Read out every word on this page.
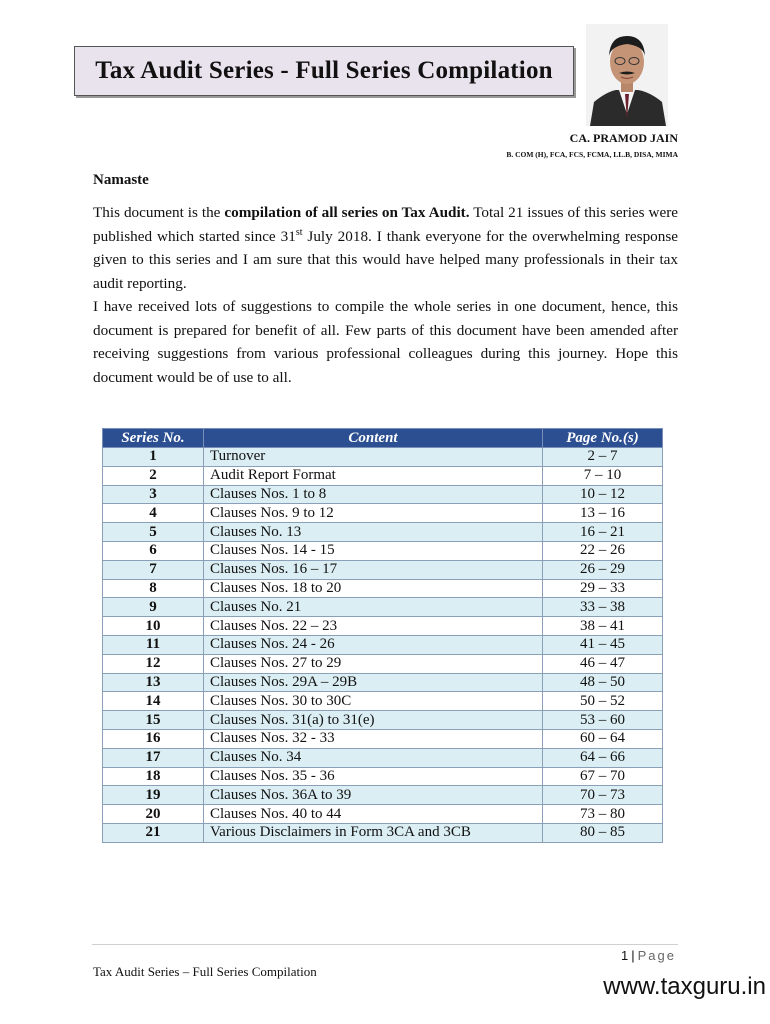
Tax Audit Series - Full Series Compilation
CA. PRAMOD JAIN
B. COM (H), FCA, FCS, FCMA, LL.B, DISA, MIMA
Namaste
This document is the compilation of all series on Tax Audit. Total 21 issues of this series were published which started since 31st July 2018. I thank everyone for the overwhelming response given to this series and I am sure that this would have helped many professionals in their tax audit reporting.
I have received lots of suggestions to compile the whole series in one document, hence, this document is prepared for benefit of all. Few parts of this document have been amended after receiving suggestions from various professional colleagues during this journey. Hope this document would be of use to all.
Series No.	Content	Page No.(s)
1	Turnover	2 – 7
2	Audit Report Format	7 – 10
3	Clauses Nos. 1 to 8	10 – 12
4	Clauses Nos. 9 to 12	13 – 16
5	Clauses No. 13	16 – 21
6	Clauses Nos. 14 - 15	22 – 26
7	Clauses Nos. 16 – 17	26 – 29
8	Clauses Nos. 18 to 20	29 – 33
9	Clauses No. 21	33 – 38
10	Clauses Nos. 22 – 23	38 – 41
11	Clauses Nos. 24 - 26	41 – 45
12	Clauses Nos. 27 to 29	46 – 47
13	Clauses Nos. 29A – 29B	48 – 50
14	Clauses Nos. 30 to 30C	50 – 52
15	Clauses Nos. 31(a) to 31(e)	53 – 60
16	Clauses Nos. 32 - 33	60 – 64
17	Clauses No. 34	64 – 66
18	Clauses Nos. 35 - 36	67 – 70
19	Clauses Nos. 36A to 39	70 – 73
20	Clauses Nos. 40 to 44	73 – 80
21	Various Disclaimers in Form 3CA and 3CB	80 – 85
1 | Page
Tax Audit Series – Full Series Compilation
www.taxguru.in
